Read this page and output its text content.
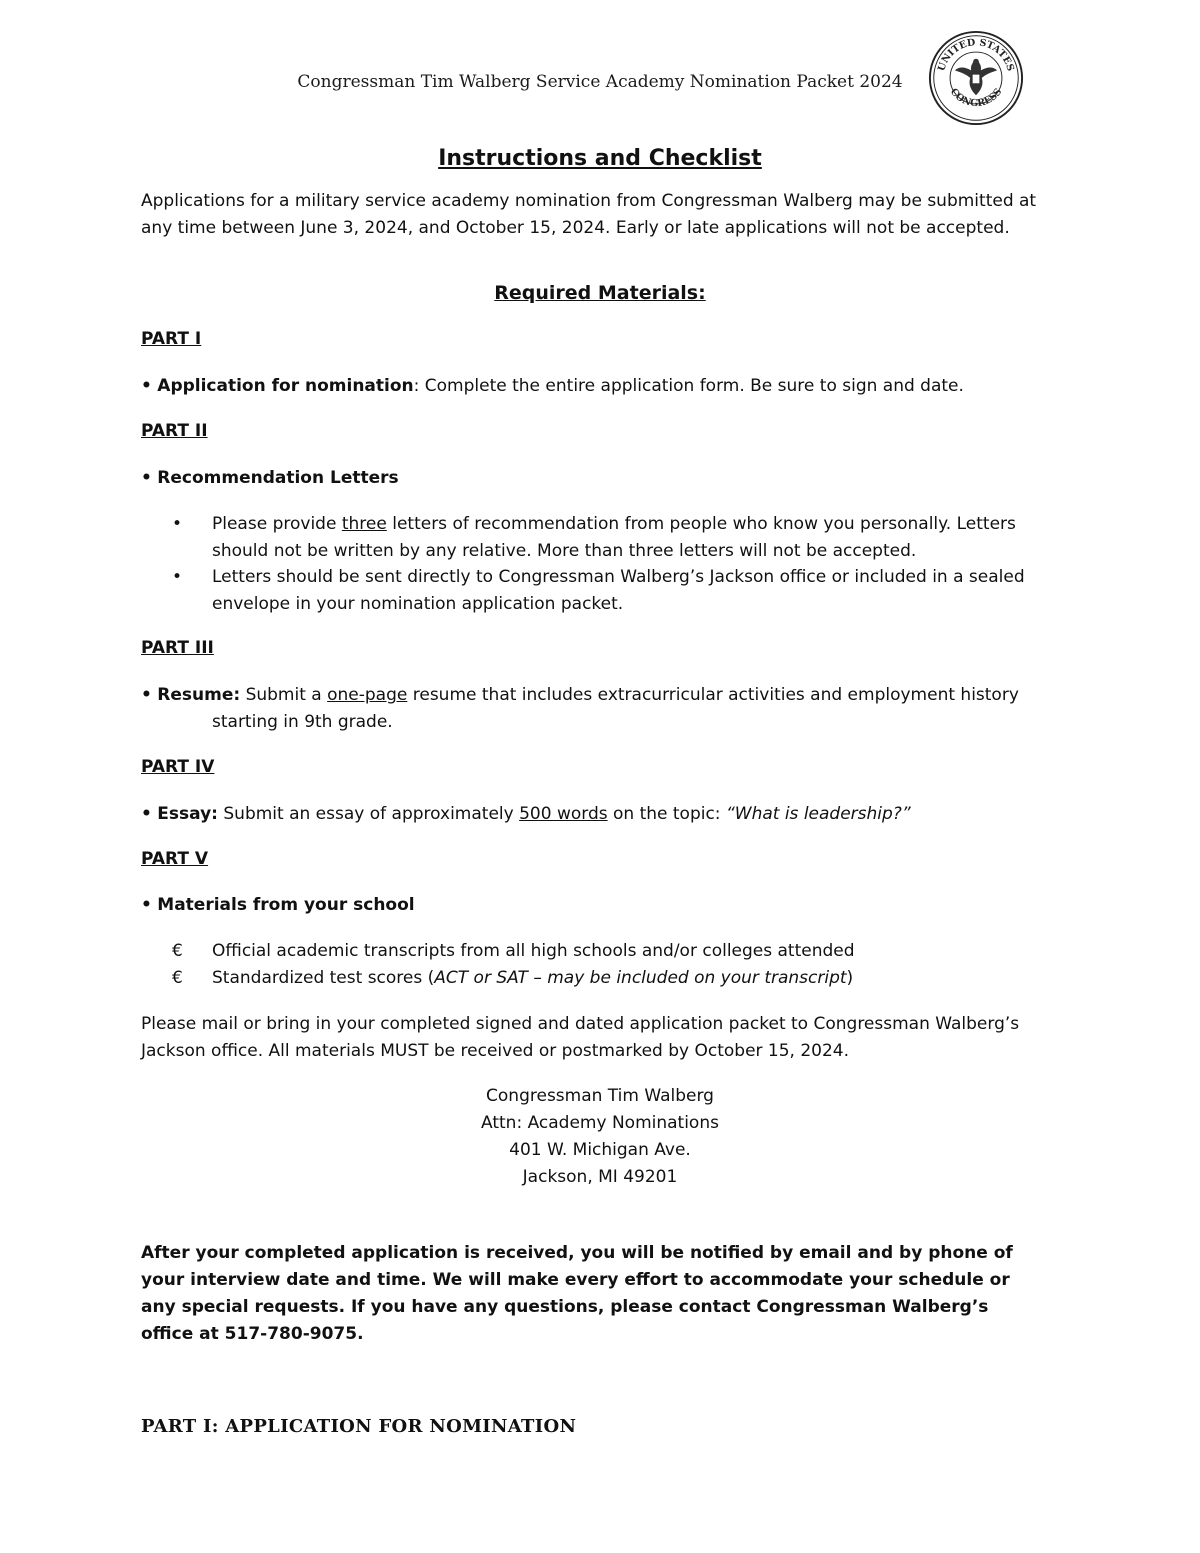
Congressman Tim Walberg Service Academy Nomination Packet 2024
UNITED STATES
CONGRESS
Instructions and Checklist
Applications for a military service academy nomination from Congressman Walberg may be submitted at any time between June 3, 2024, and October 15, 2024. Early or late applications will not be accepted.
Required Materials:
PART I
• Application for nomination: Complete the entire application form. Be sure to sign and date.
PART II
• Recommendation Letters
•	Please provide three letters of recommendation from people who know you personally. Letters should not be written by any relative. More than three letters will not be accepted.
•	Letters should be sent directly to Congressman Walberg’s Jackson office or included in a sealed envelope in your nomination application packet.
PART III
• Resume: Submit a one-page resume that includes extracurricular activities and employment history
starting in 9th grade.
PART IV
• Essay: Submit an essay of approximately 500 words on the topic: “What is leadership?”
PART V
• Materials from your school
€	Official academic transcripts from all high schools and/or colleges attended
€	Standardized test scores (ACT or SAT – may be included on your transcript)
Please mail or bring in your completed signed and dated application packet to Congressman Walberg’s Jackson office. All materials MUST be received or postmarked by October 15, 2024.
Congressman Tim Walberg
Attn: Academy Nominations
401 W. Michigan Ave.
Jackson, MI 49201
After your completed application is received, you will be notified by email and by phone of your interview date and time. We will make every effort to accommodate your schedule or any special requests. If you have any questions, please contact Congressman Walberg’s office at 517-780-9075.
PART I: APPLICATION FOR NOMINATION
